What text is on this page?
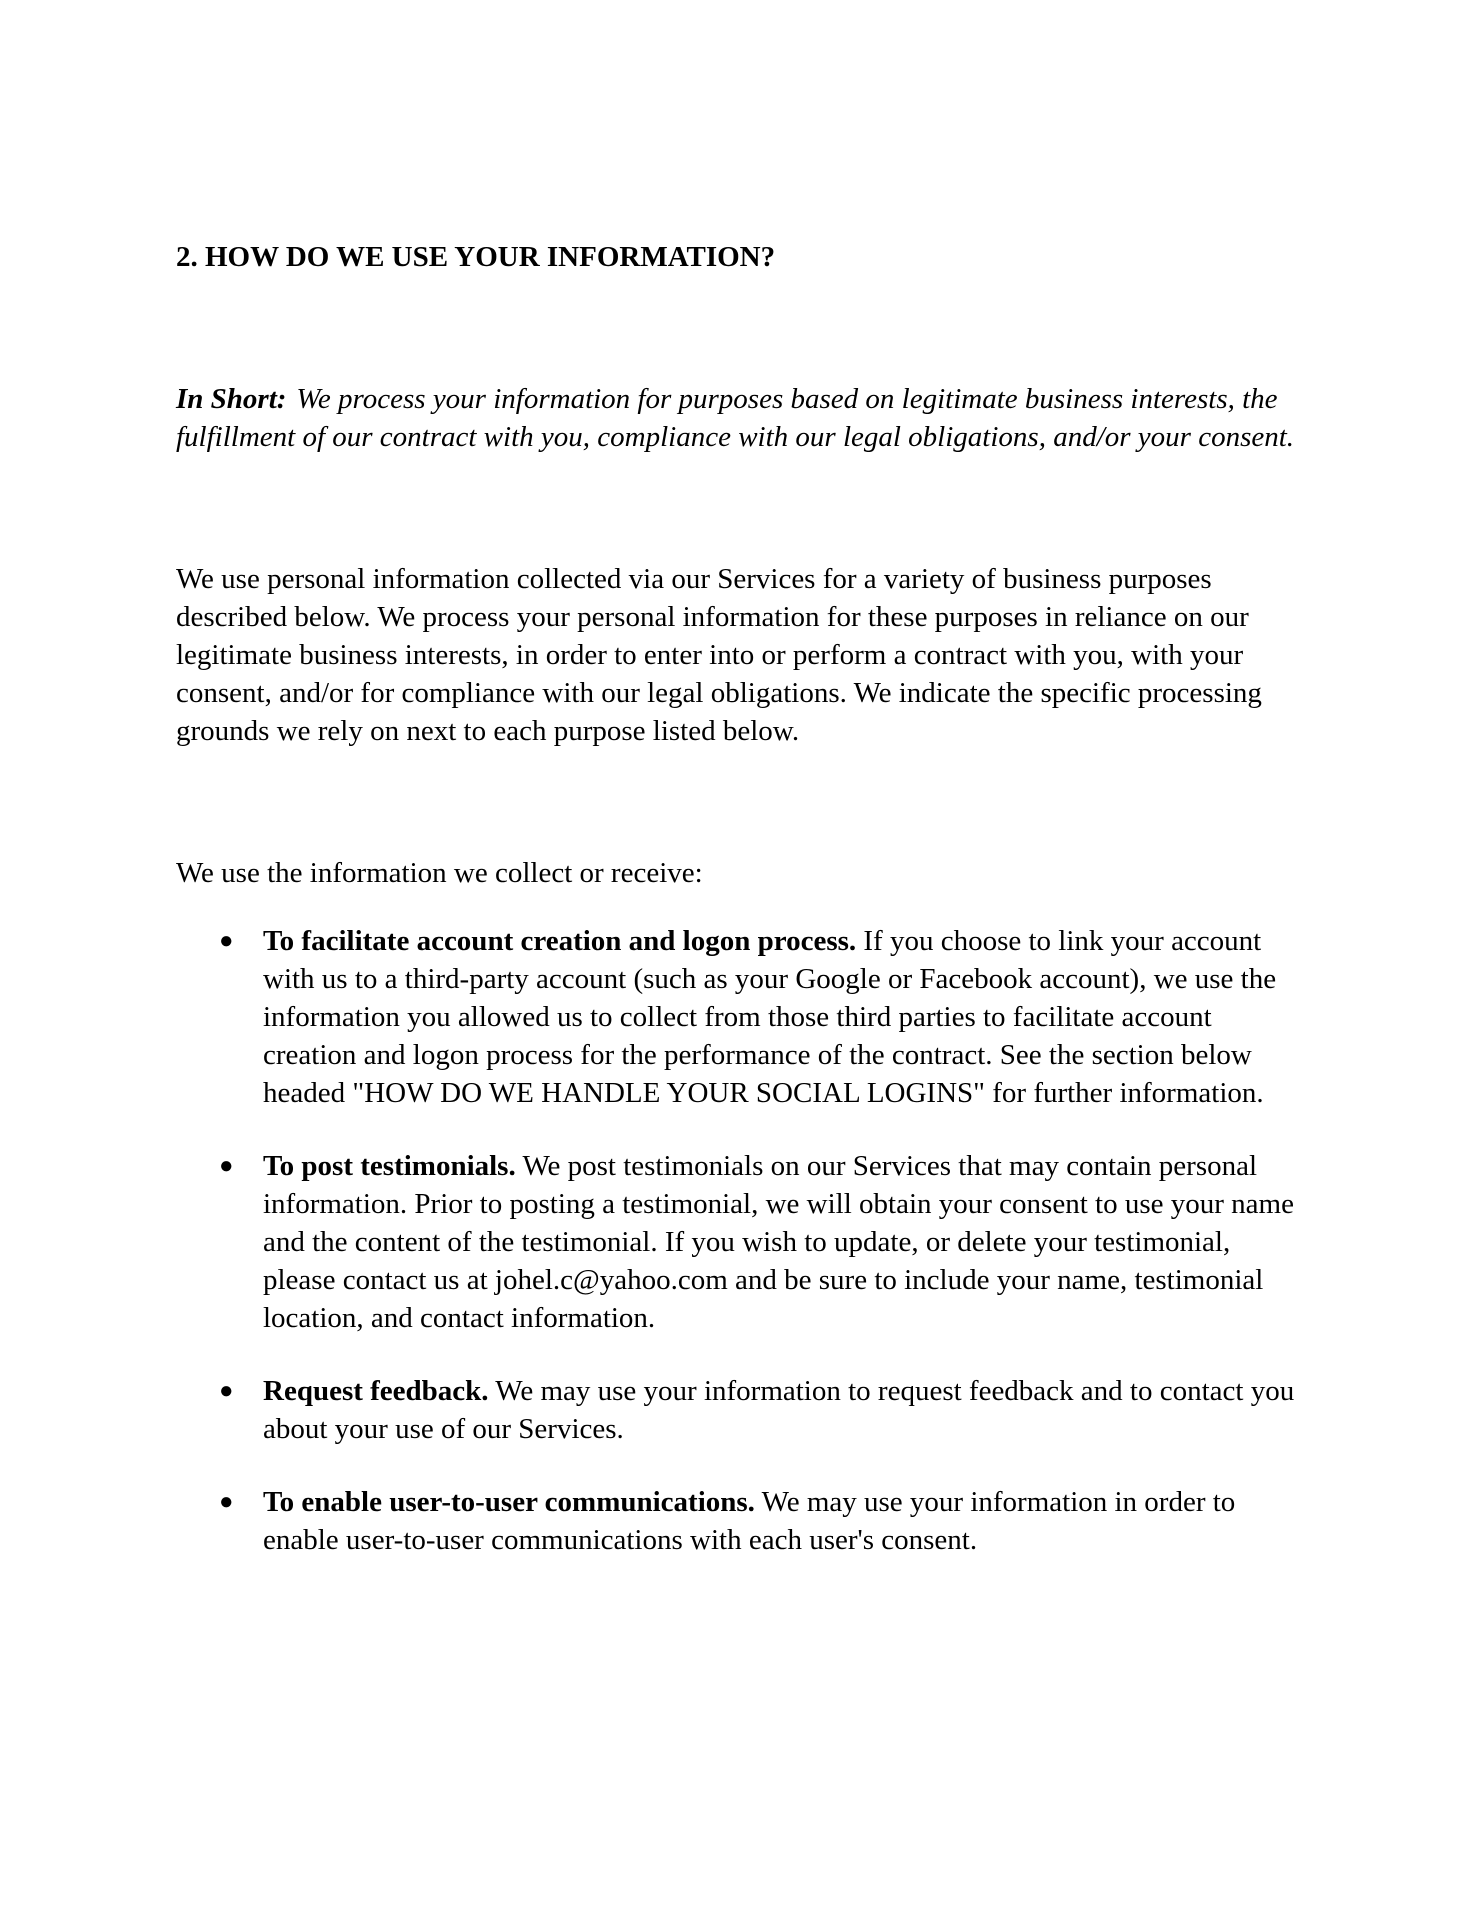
2. HOW DO WE USE YOUR INFORMATION?
In Short: We process your information for purposes based on legitimate business interests, the fulfillment of our contract with you, compliance with our legal obligations, and/or your consent.
We use personal information collected via our Services for a variety of business purposes described below. We process your personal information for these purposes in reliance on our legitimate business interests, in order to enter into or perform a contract with you, with your consent, and/or for compliance with our legal obligations. We indicate the specific processing grounds we rely on next to each purpose listed below.
We use the information we collect or receive:
● To facilitate account creation and logon process. If you choose to link your account with us to a third-party account (such as your Google or Facebook account), we use the information you allowed us to collect from those third parties to facilitate account creation and logon process for the performance of the contract. See the section below headed "HOW DO WE HANDLE YOUR SOCIAL LOGINS" for further information.
● To post testimonials. We post testimonials on our Services that may contain personal information. Prior to posting a testimonial, we will obtain your consent to use your name and the content of the testimonial. If you wish to update, or delete your testimonial, please contact us at johel.c@yahoo.com and be sure to include your name, testimonial location, and contact information.
● Request feedback. We may use your information to request feedback and to contact you about your use of our Services.
● To enable user-to-user communications. We may use your information in order to enable user-to-user communications with each user's consent.
